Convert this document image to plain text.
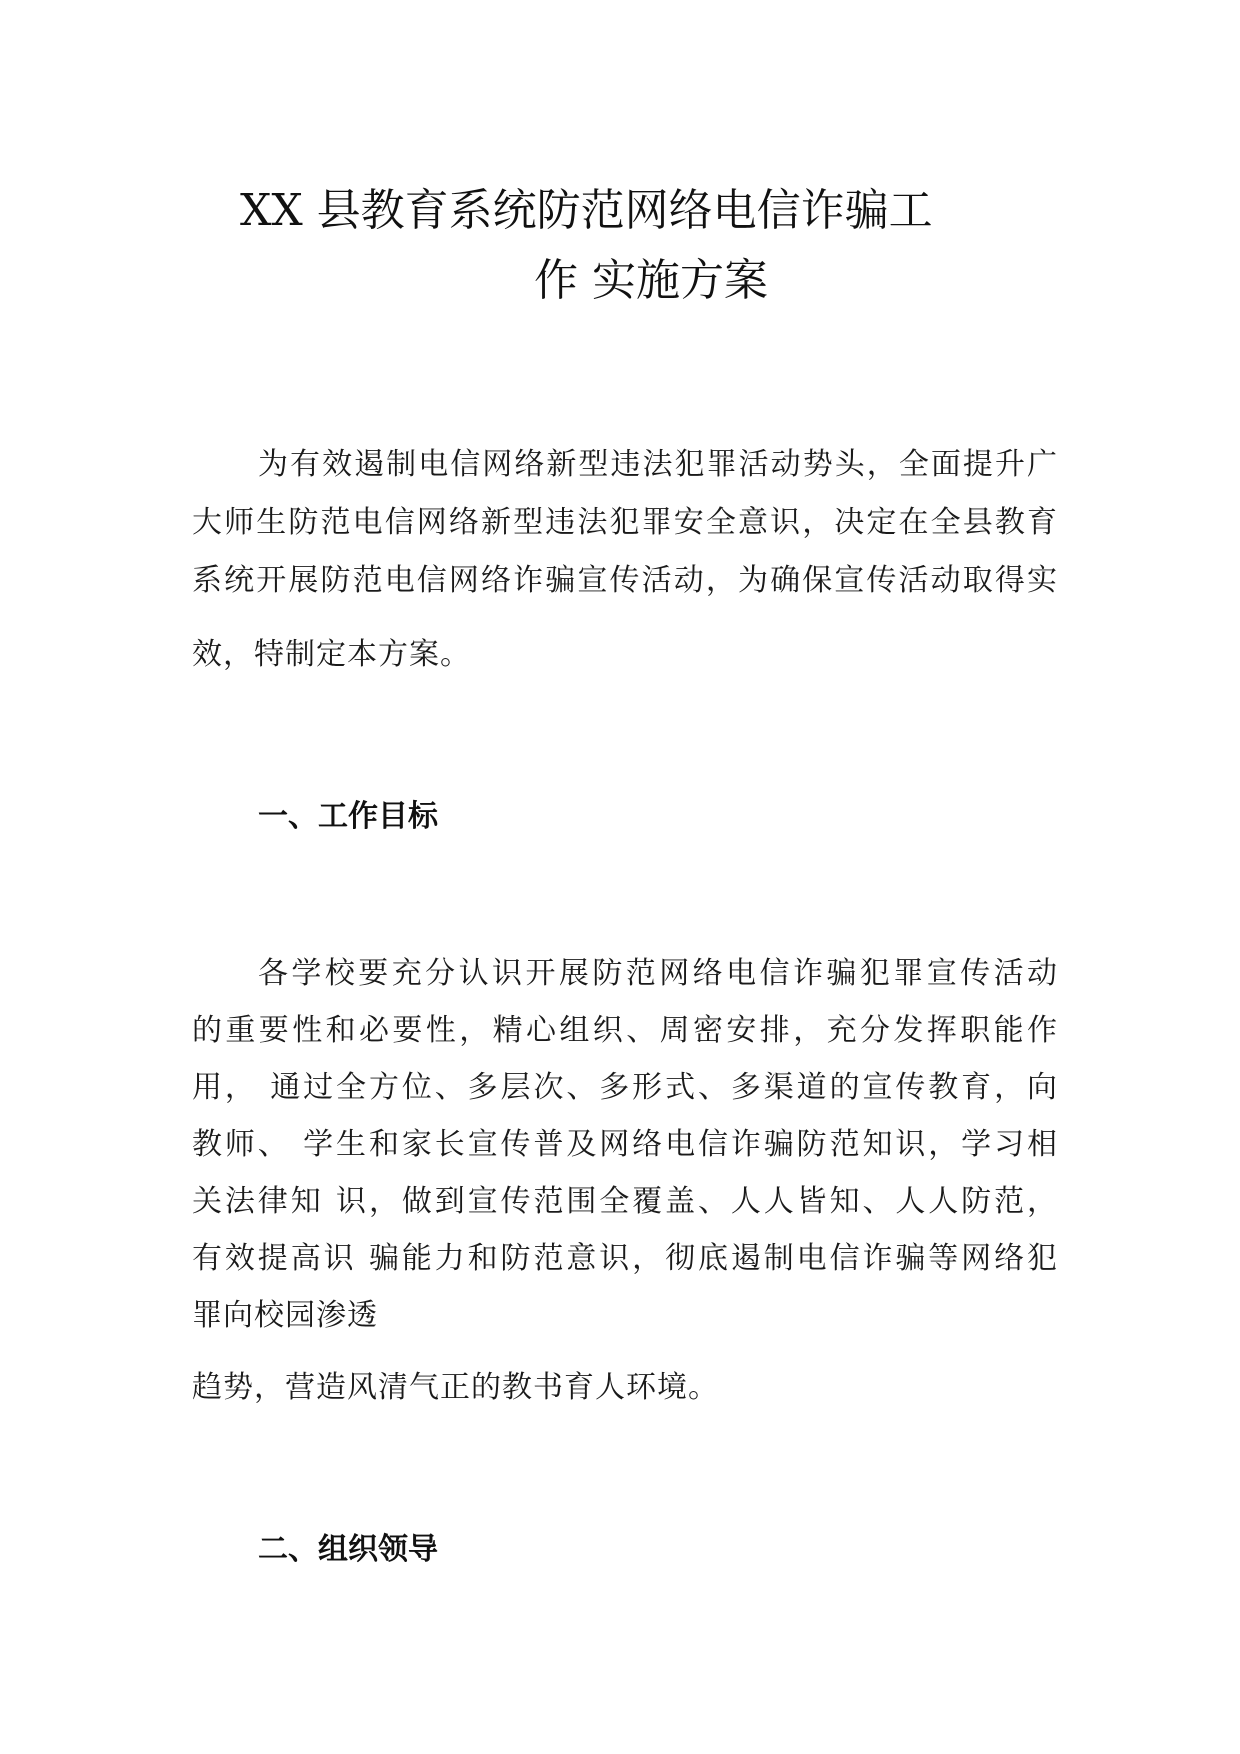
XX 县教育系统防范网络电信诈骗工
作 实施方案
为有效遏制电信网络新型违法犯罪活动势头，全面提升广
大师生防范电信网络新型违法犯罪安全意识，决定在全县教育
系统开展防范电信网络诈骗宣传活动，为确保宣传活动取得实
效，特制定本方案。
一、工作目标
各学校要充分认识开展防范网络电信诈骗犯罪宣传活动
的重要性和必要性，精心组织、周密安排，充分发挥职能作
用， 通过全方位、多层次、多形式、多渠道的宣传教育，向
教师、 学生和家长宣传普及网络电信诈骗防范知识，学习相
关法律知 识，做到宣传范围全覆盖、人人皆知、人人防范，
有效提高识 骗能力和防范意识，彻底遏制电信诈骗等网络犯
罪向校园渗透
趋势，营造风清气正的教书育人环境。
二、组织领导
